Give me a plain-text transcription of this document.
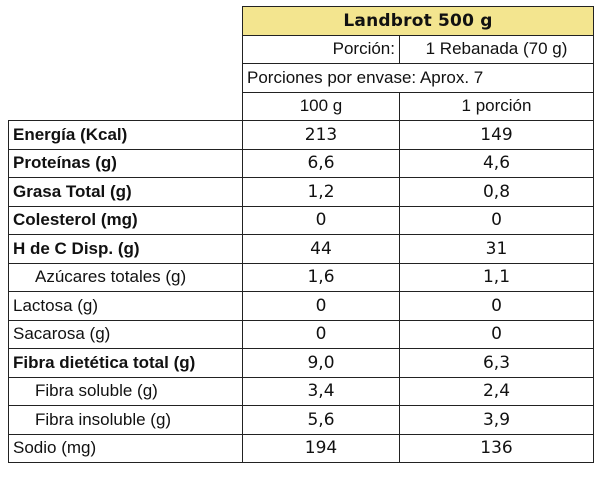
	Landbrot 500 g	
	Porción:	1 Rebanada (70 g)
	Porciones por envase: Aprox. 7	
	100 g	1 porción
Energía (Kcal)	213	149
Proteínas (g)	6,6	4,6
Grasa Total (g)	1,2	0,8
Colesterol (mg)	0	0
H de C Disp. (g)	44	31
Azúcares totales (g)	1,6	1,1
Lactosa (g)	0	0
Sacarosa (g)	0	0
Fibra dietética total (g)	9,0	6,3
Fibra soluble (g)	3,4	2,4
Fibra insoluble (g)	5,6	3,9
Sodio (mg)	194	136
